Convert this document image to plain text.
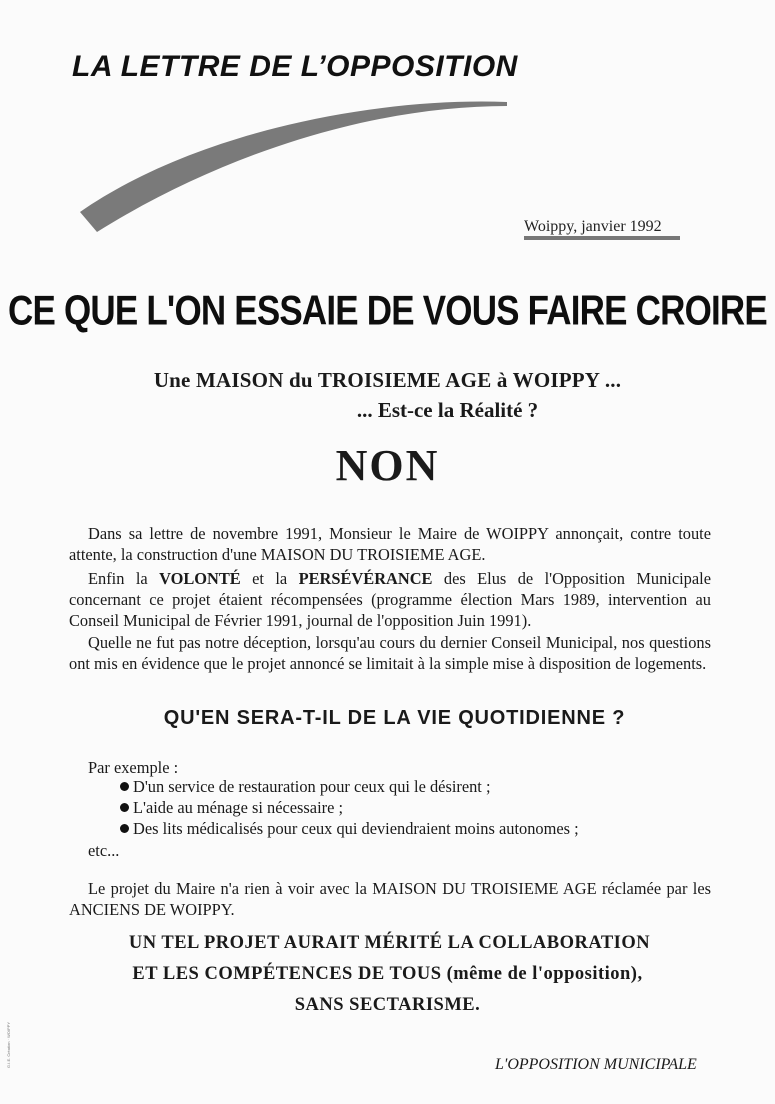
LA LETTRE DE L’OPPOSITION
Woippy, janvier 1992
CE QUE L'ON ESSAIE DE VOUS FAIRE CROIRE
Une MAISON du TROISIEME AGE à WOIPPY ...
... Est-ce la Réalité ?
NON

Dans sa lettre de novembre 1991, Monsieur le Maire de WOIPPY annonçait, contre toute attente, la construction d'une MAISON DU TROISIEME AGE.

Enfin la VOLONTÉ et la PERSÉVÉRANCE des Elus de l'Opposition Municipale concernant ce projet étaient récompensées (programme élection Mars 1989, intervention au Conseil Municipal de Février 1991, journal de l'opposition Juin 1991).

Quelle ne fut pas notre déception, lorsqu'au cours du dernier Conseil Municipal, nos questions ont mis en évidence que le projet annoncé se limitait à la simple mise à disposition de logements.

QU'EN SERA-T-IL DE LA VIE QUOTIDIENNE ?
Par exemple :
D'un service de restauration pour ceux qui le désirent ;
L'aide au ménage si nécessaire ;
Des lits médicalisés pour ceux qui deviendraient moins autonomes ;
etc...

Le projet du Maire n'a rien à voir avec la MAISON DU TROISIEME AGE réclamée par les ANCIENS DE WOIPPY.

UN TEL PROJET AURAIT MÉRITÉ LA COLLABORATION
ET LES COMPÉTENCES DE TOUS (même de l'opposition),
SANS SECTARISME.
L'OPPOSITION MUNICIPALE
G.I.E. Création · WOIPPY
